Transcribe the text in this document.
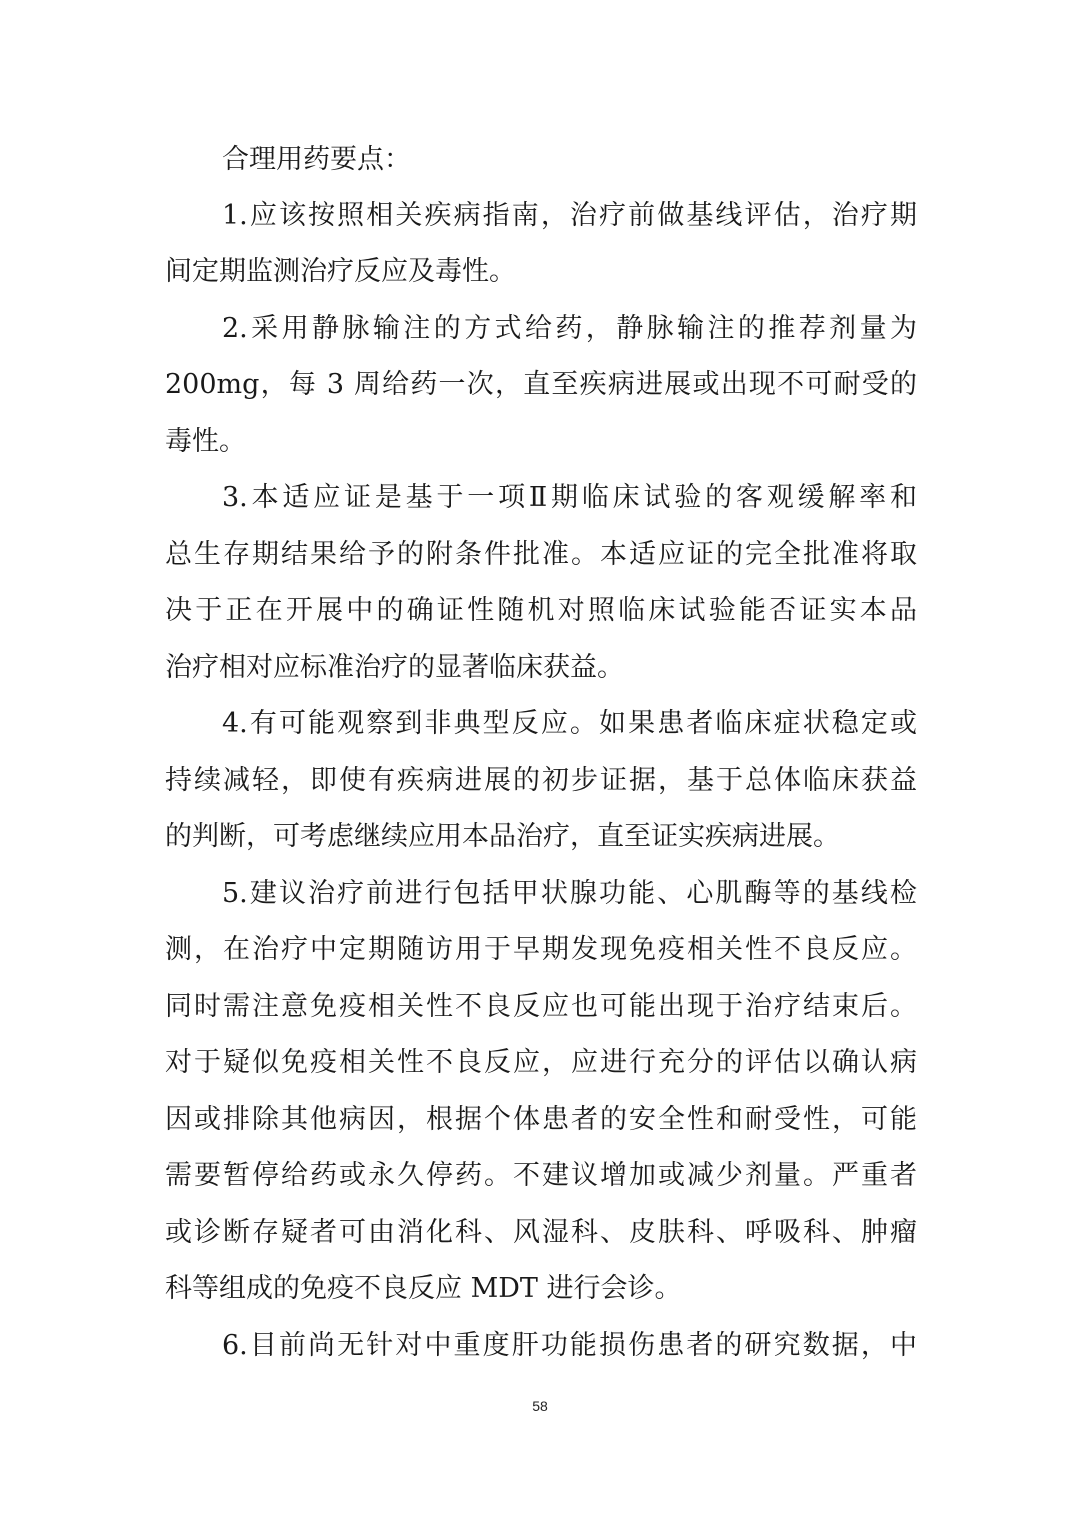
合理用药要点：
1.应该按照相关疾病指南，治疗前做基线评估，治疗期
间定期监测治疗反应及毒性。
2.采用静脉输注的方式给药，静脉输注的推荐剂量为
200mg，每 3 周给药一次，直至疾病进展或出现不可耐受的
毒性。
3.本适应证是基于一项Ⅱ期临床试验的客观缓解率和
总生存期结果给予的附条件批准。本适应证的完全批准将取
决于正在开展中的确证性随机对照临床试验能否证实本品
治疗相对应标准治疗的显著临床获益。
4.有可能观察到非典型反应。如果患者临床症状稳定或
持续减轻，即使有疾病进展的初步证据，基于总体临床获益
的判断，可考虑继续应用本品治疗，直至证实疾病进展。
5.建议治疗前进行包括甲状腺功能、心肌酶等的基线检
测，在治疗中定期随访用于早期发现免疫相关性不良反应。
同时需注意免疫相关性不良反应也可能出现于治疗结束后。
对于疑似免疫相关性不良反应，应进行充分的评估以确认病
因或排除其他病因，根据个体患者的安全性和耐受性，可能
需要暂停给药或永久停药。不建议增加或减少剂量。严重者
或诊断存疑者可由消化科、风湿科、皮肤科、呼吸科、肿瘤
科等组成的免疫不良反应 MDT 进行会诊。
6.目前尚无针对中重度肝功能损伤患者的研究数据，中
58
